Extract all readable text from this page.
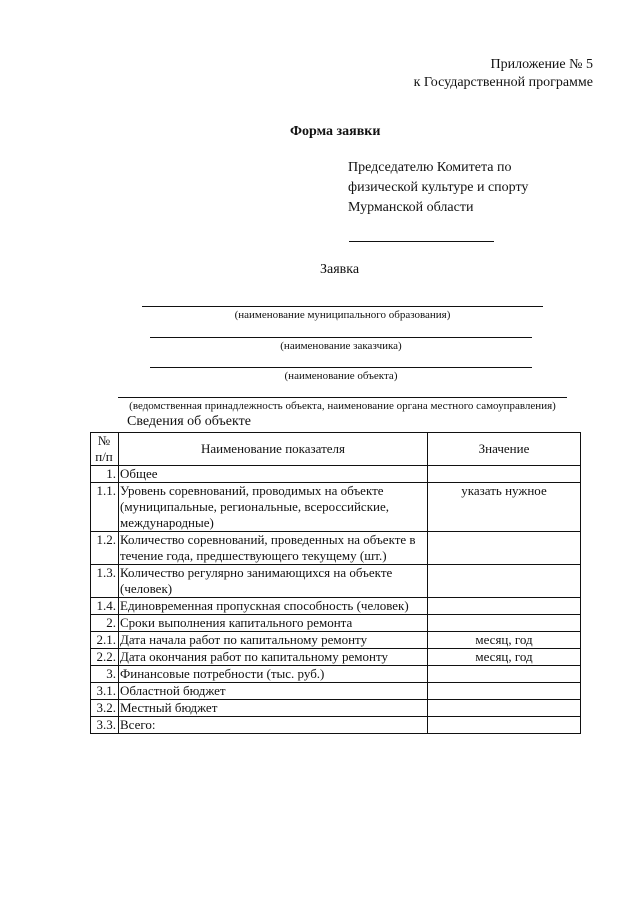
Приложение № 5
к Государственной программе
Форма заявки
Председателю Комитета по
физической культуре и спорту
Мурманской области
Заявка
(наименование муниципального образования)
(наименование заказчика)
(наименование объекта)
(ведомственная принадлежность объекта, наименование органа местного самоуправления)
Сведения об объекте
№ п/п	Наименование показателя	Значение
1.	Общее	
1.1.	Уровень соревнований, проводимых на объекте (муниципальные, региональные, всероссийские, международные)	указать нужное
1.2.	Количество соревнований, проведенных на объекте в течение года, предшествующего текущему (шт.)	
1.3.	Количество регулярно занимающихся на объекте (человек)	
1.4.	Единовременная пропускная способность (человек)	
2.	Сроки выполнения капитального ремонта	
2.1.	Дата начала работ по капитальному ремонту	месяц, год
2.2.	Дата окончания работ по капитальному ремонту	месяц, год
3.	Финансовые потребности (тыс. руб.)	
3.1.	Областной бюджет	
3.2.	Местный бюджет	
3.3.	Всего:	
